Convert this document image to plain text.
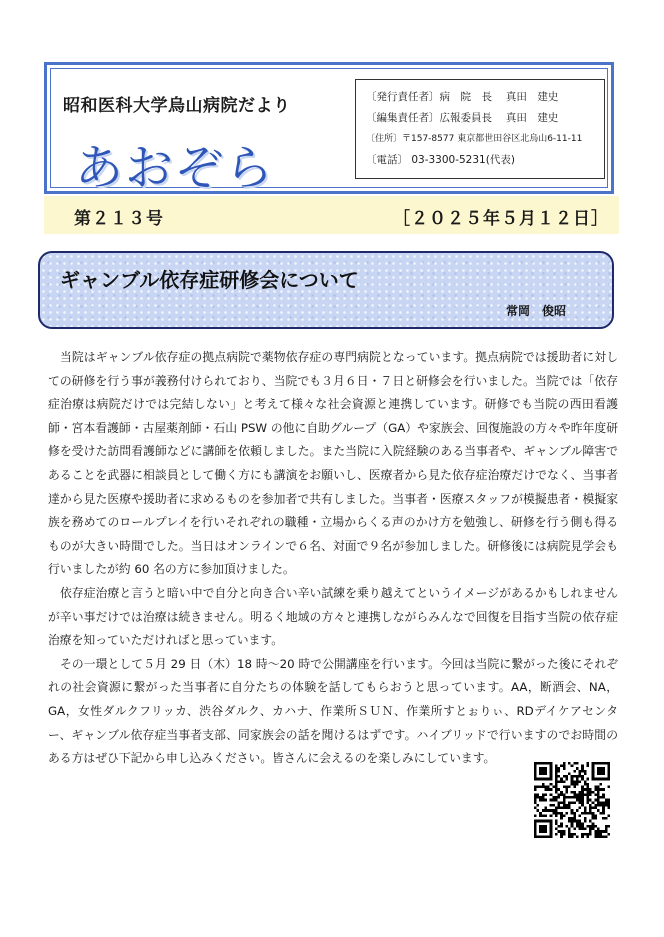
昭和医科大学烏山病院だより
あおぞら
〔発行責任者〕病　院　長　 真田　建史
〔編集責任者〕広報委員長　 真田　建史
〔住所〕〒157-8577 東京都世田谷区北烏山6-11-11
〔電話〕 03-3300-5231(代表)
第２１３号	［２０２５年５月１２日］
ギャンブル依存症研修会について
常岡　俊昭

当院はギャンブル依存症の拠点病院で薬物依存症の専門病院となっています。拠点病院では援助者に対しての研修を行う事が義務付けられており、当院でも３月６日・７日と研修会を行いました。当院では「依存症治療は病院だけでは完結しない」と考えて様々な社会資源と連携しています。研修でも当院の西田看護師・宮本看護師・古屋薬剤師・石山 PSW の他に自助グループ（GA）や家族会、回復施設の方々や昨年度研修を受けた訪問看護師などに講師を依頼しました。また当院に入院経験のある当事者や、ギャンブル障害であることを武器に相談員として働く方にも講演をお願いし、医療者から見た依存症治療だけでなく、当事者達から見た医療や援助者に求めるものを参加者で共有しました。当事者・医療スタッフが模擬患者・模擬家族を務めてのロールプレイを行いそれぞれの職種・立場からくる声のかけ方を勉強し、研修を行う側も得るものが大きい時間でした。当日はオンラインで６名、対面で９名が参加しました。研修後には病院見学会も行いましたが約 60 名の方に参加頂けました。

依存症治療と言うと暗い中で自分と向き合い辛い試練を乗り越えてというイメージがあるかもしれませんが辛い事だけでは治療は続きません。明るく地域の方々と連携しながらみんなで回復を目指す当院の依存症治療を知っていただければと思っています。

その一環として５月 29 日（木）18 時～20 時で公開講座を行います。今回は当院に繋がった後にそれぞれの社会資源に繋がった当事者に自分たちの体験を話してもらおうと思っています。AA，断酒会、NA，GA，女性ダルクフリッカ、渋谷ダルク、カハナ、作業所ＳＵＮ、作業所すとぉりぃ、RDデイケアセンター、ギャンブル依存症当事者支部、同家族会の話を聞けるはずです。ハイブリッドで行いますのでお時間のある方はぜひ下記から申し込みください。皆さんに会えるのを楽しみにしています。
